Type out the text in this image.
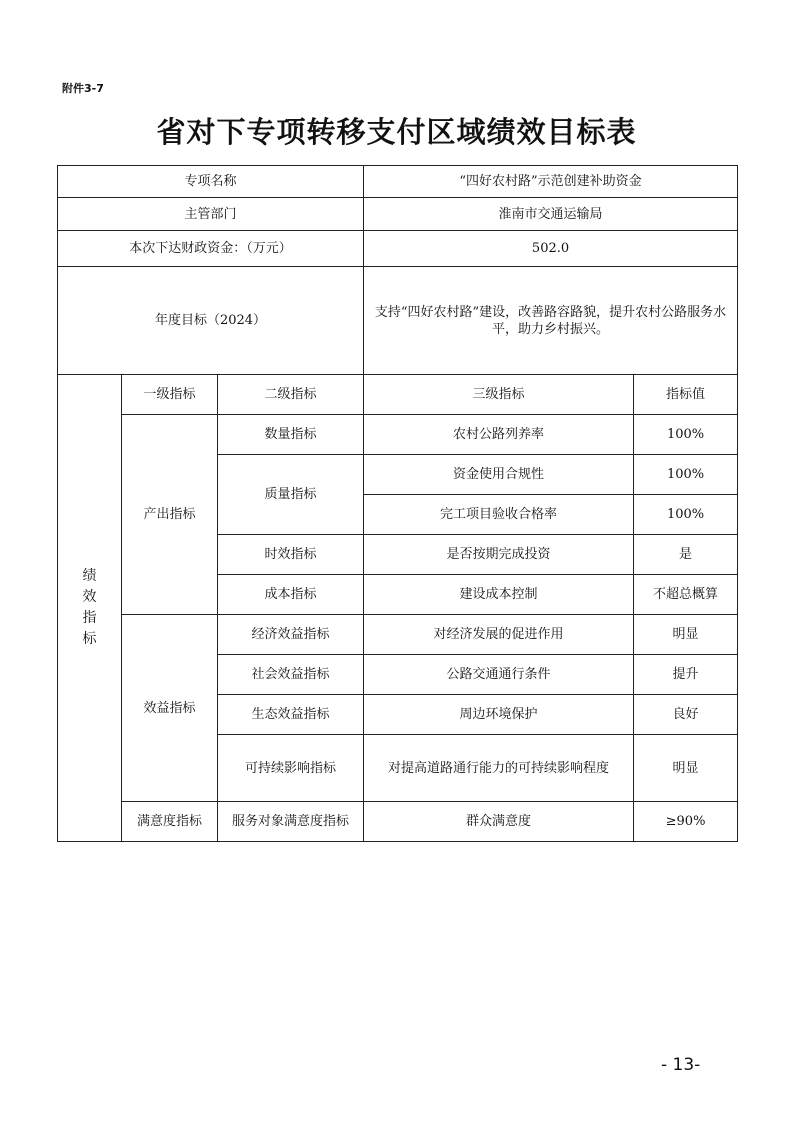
附件3-7
省对下专项转移支付区域绩效目标表
专项名称			“四好农村路”示范创建补助资金	
主管部门			淮南市交通运输局	
本次下达财政资金：（万元）			502.0	
年度目标（2024）			支持“四好农村路”建设，改善路容路貌，提升农村公路服务水平，助力乡村振兴。	
绩效指标	一级指标	二级指标	三级指标	指标值
	产出指标	数量指标	农村公路列养率	100%
		质量指标	资金使用合规性	100%
			完工项目验收合格率	100%
		时效指标	是否按期完成投资	是
		成本指标	建设成本控制	不超总概算
	效益指标	经济效益指标	对经济发展的促进作用	明显
		社会效益指标	公路交通通行条件	提升
		生态效益指标	周边环境保护	良好
		可持续影响指标	对提高道路通行能力的可持续影响程度	明显
	满意度指标	服务对象满意度指标	群众满意度	≥90%
- 13-
